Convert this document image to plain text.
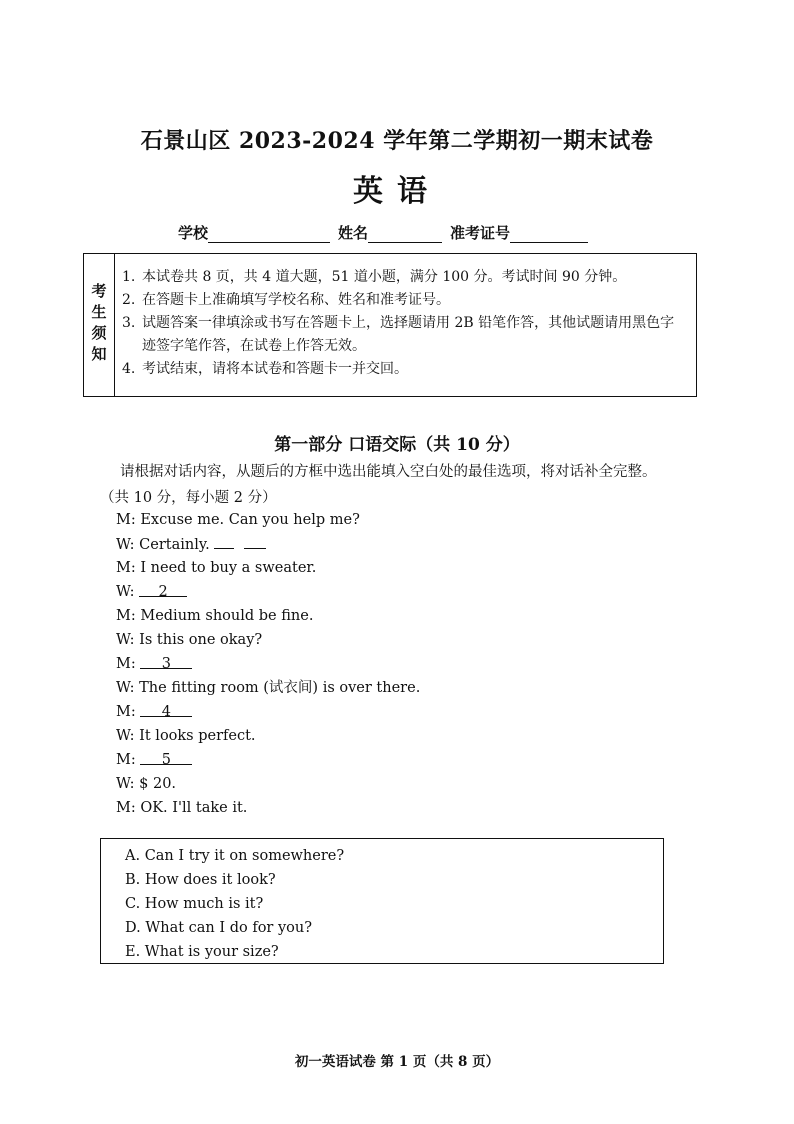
石景山区 2023-2024 学年第二学期初一期末试卷
英语
学校	姓名	准考证号
考生须知
1. 本试卷共 8 页，共 4 道大题，51 道小题，满分 100 分。考试时间 90 分钟。
2. 在答题卡上准确填写学校名称、姓名和准考证号。
3. 试题答案一律填涂或书写在答题卡上，选择题请用 2B 铅笔作答，其他试题请用黑色字迹签字笔作答，在试卷上作答无效。
4. 考试结束，请将本试卷和答题卡一并交回。
第一部分 口语交际（共 10 分）
请根据对话内容，从题后的方框中选出能填入空白处的最佳选项，将对话补全完整。
（共 10 分，每小题 2 分）
M: Excuse me. Can you help me?
W: Certainly.
M: I need to buy a sweater.
W: 2
M: Medium should be fine.
W: Is this one okay?
M: 3
W: The fitting room (试衣间) is over there.
M: 4
W: It looks perfect.
M: 5
W: $ 20.
M: OK. I'll take it.
A. Can I try it on somewhere?
B. How does it look?
C. How much is it?
D. What can I do for you?
E. What is your size?
初一英语试卷 第 1 页（共 8 页）
